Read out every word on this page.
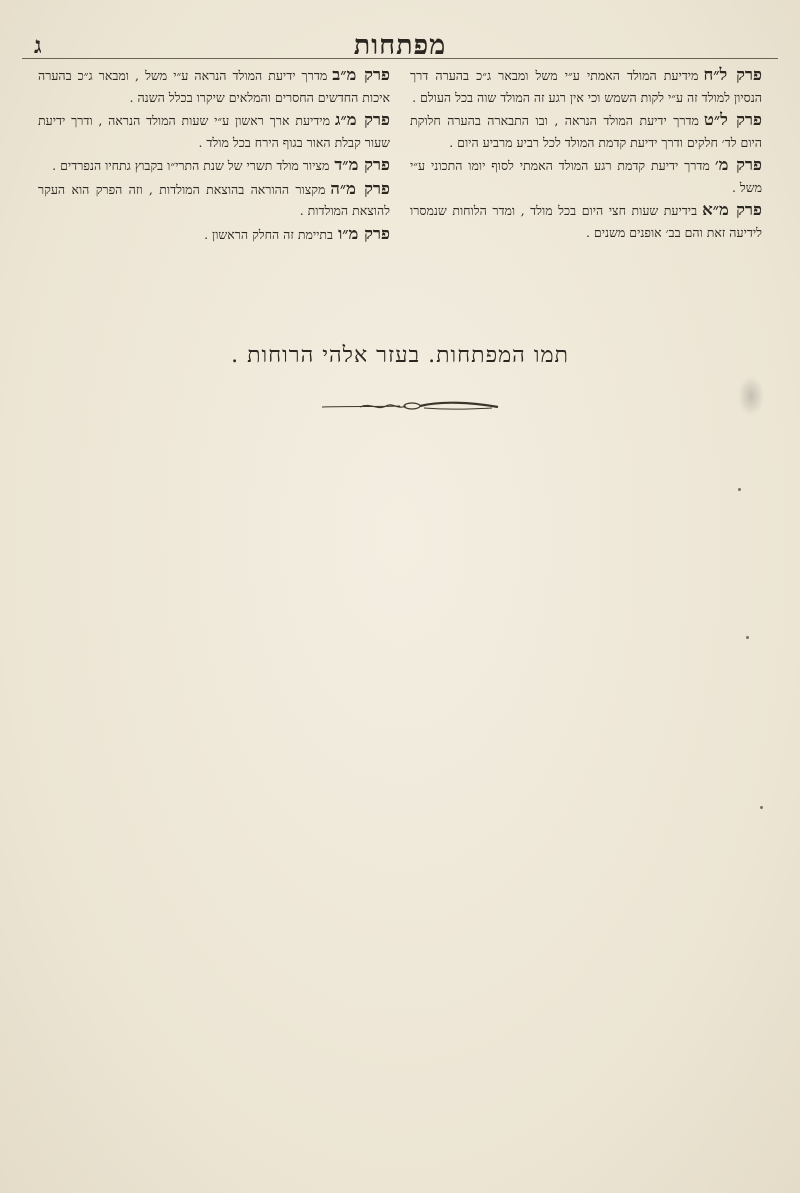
מפתחות
ג

פרק ל״חמידיעת המולד האמתי ע״י משל ומבאר ג״כ בהערה דרך הנסיון למולד זה ע״י לקות השמש וכי אין רגע זה המולד שוה בכל העולם .

פרק ל״טמדרך ידיעת המולד הנראה , ובו התבארה בהערה חלוקת היום לד׳ חלקים ודרך ידיעת קדמת המולד לכל רביע מרביע היום .

פרק מ׳מדרך ידיעת קדמת רגע המולד האמתי לסוף יומו התכוני ע״י משל .

פרק מ״אבידיעת שעות חצי היום בכל מולד , ומדר הלוחות שנמסרו לידיעה זאת והם בב׳ אופנים משנים .

פרק מ״במדרך ידיעת המולד הנראה ע״י משל , ומבאר ג״כ בהערה איכות החדשים החסרים והמלאים שיקרו בכלל השנה .

פרק מ״גמידיעת ארך ראשון ע״י שעות המולד הנראה , ודרך ידיעת שעור קבלת האור בגוף הירח בכל מולד .

פרק מ״דמציור מולד תשרי של שנת התרי״ו בקבוץ גתחיו הנפרדים .

פרק מ״המקצור ההוראה בהוצאת המולדות , וזה הפרק הוא העקר להוצאת המולדות .

פרק מ״ובתיימת זה החלק הראשון .

תמו המפתחות. בעזר אלהי הרוחות .
